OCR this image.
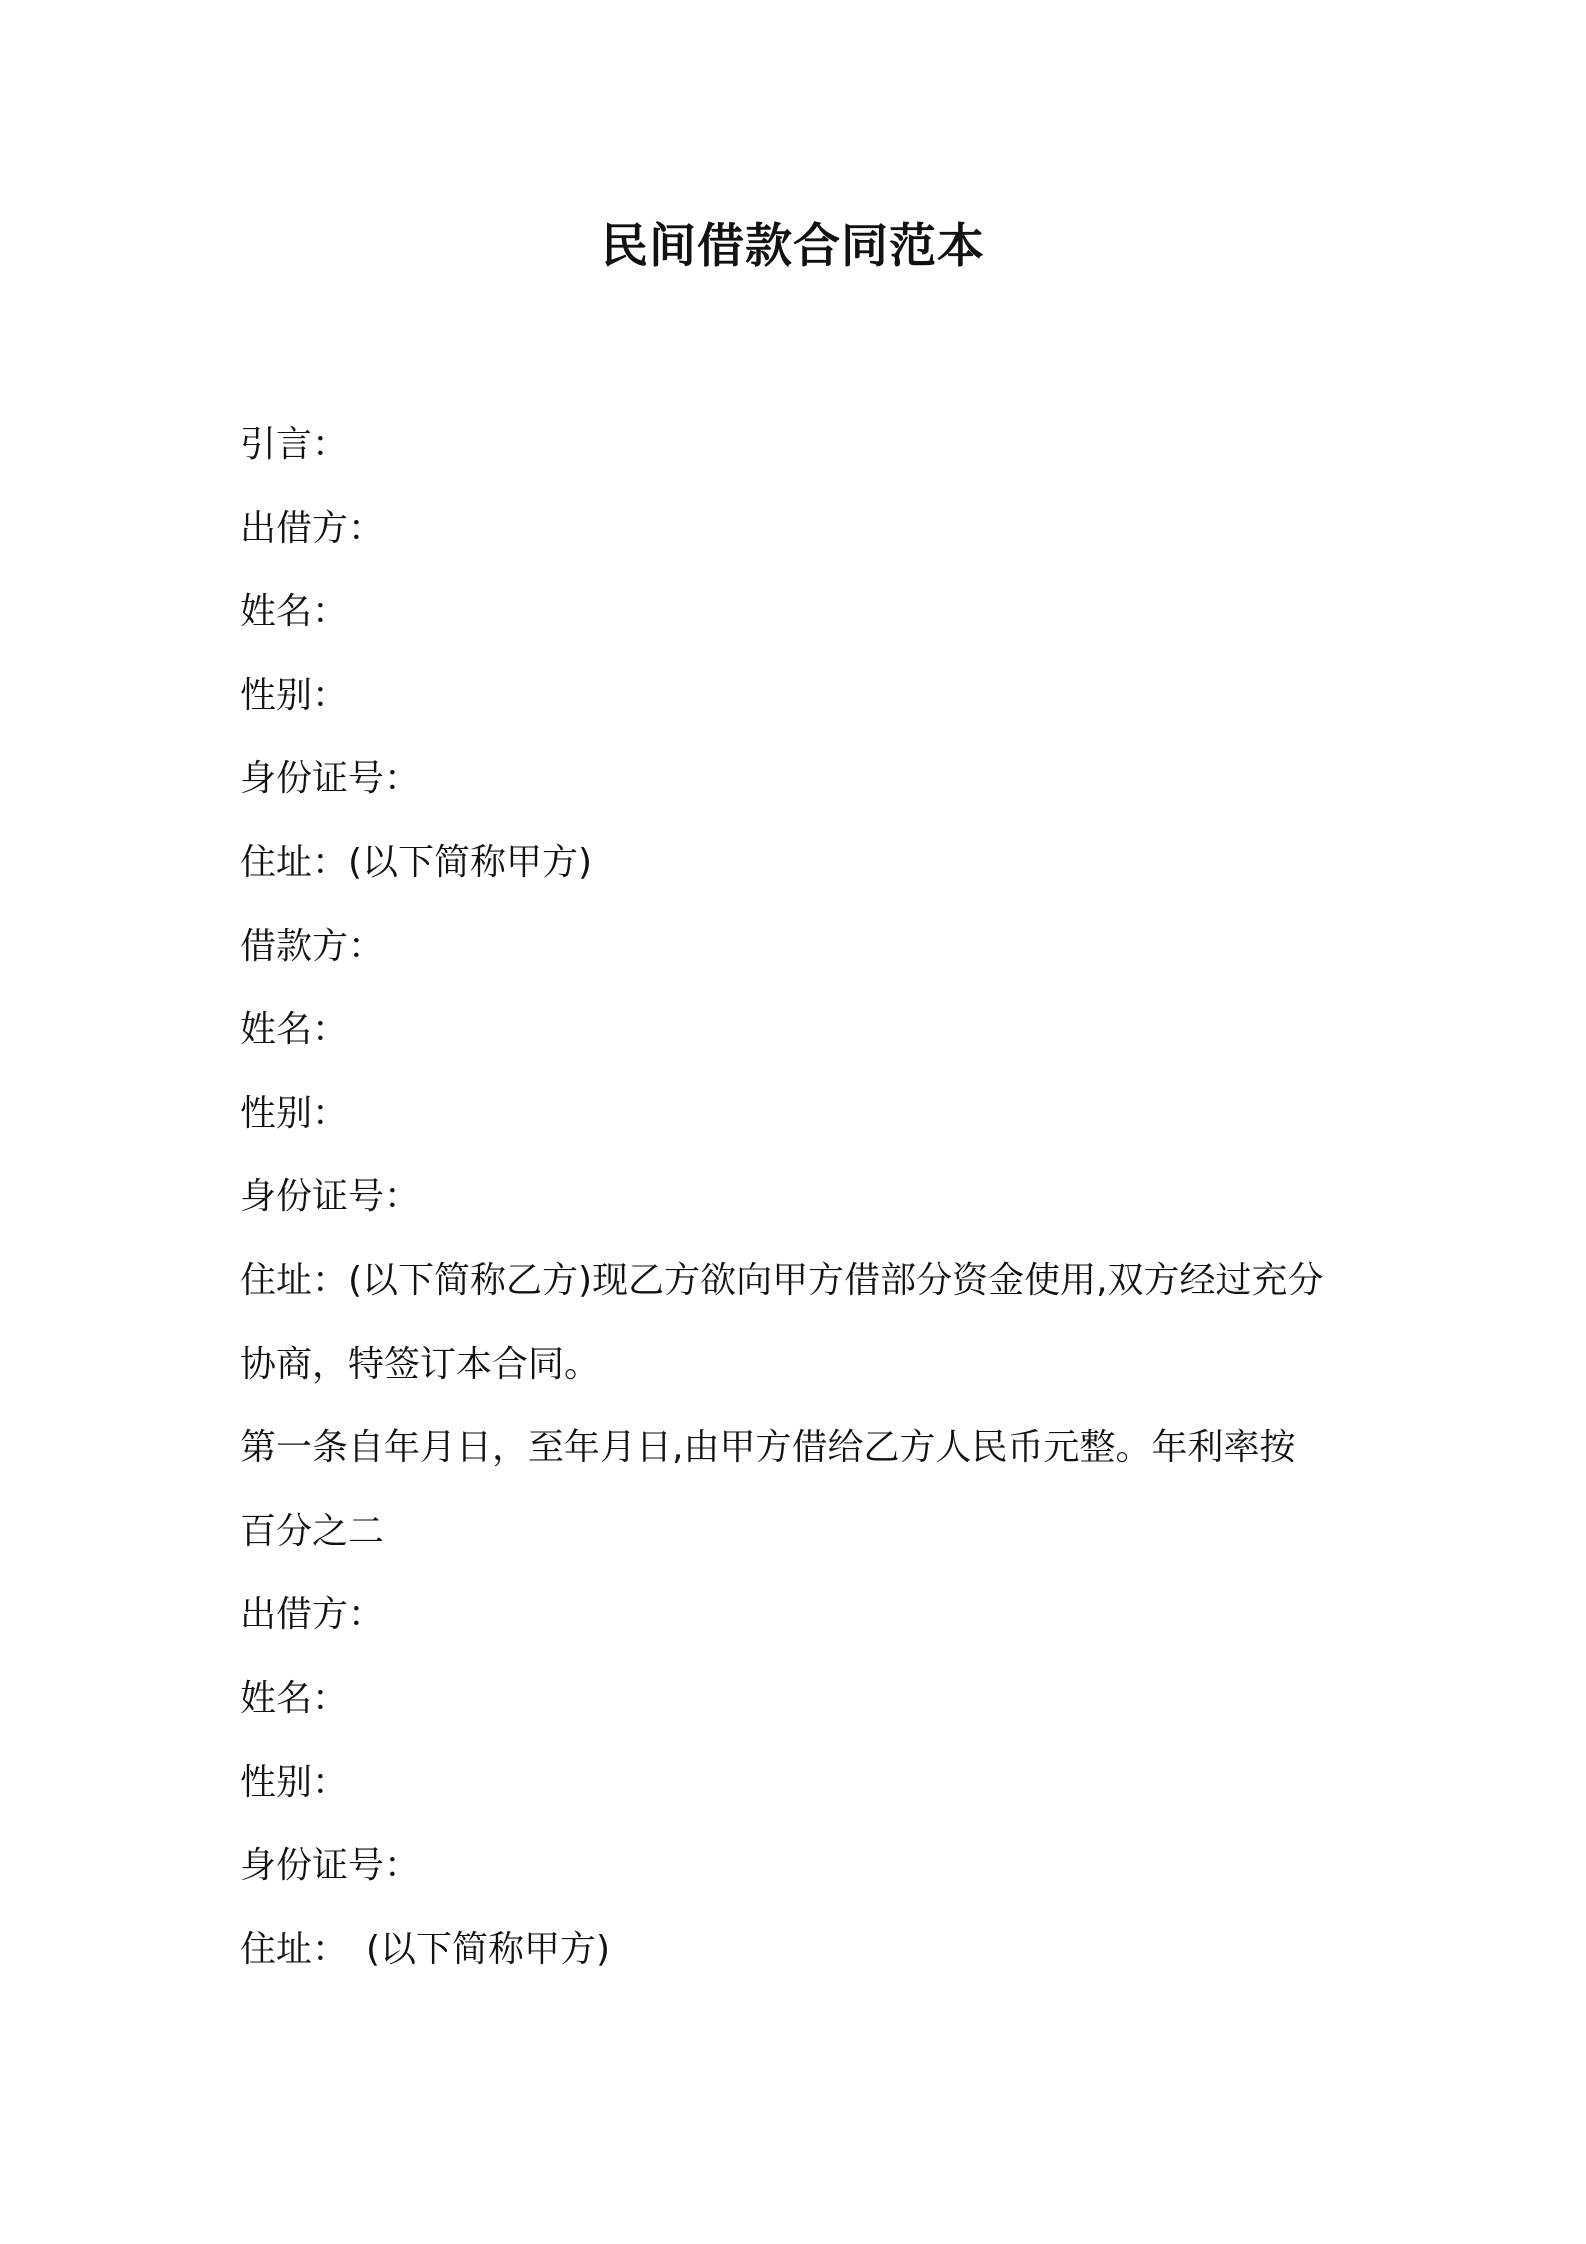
民间借款合同范本

引言：

出借方：

姓名：

性别：

身份证号：

住址：(以下简称甲方)

借款方：

姓名：

性别：

身份证号：

住址：(以下简称乙方)现乙方欲向甲方借部分资金使用,双方经过充分

协商，特签订本合同。

第一条自年月日，至年月日,由甲方借给乙方人民币元整。年利率按

百分之二

出借方：

姓名：

性别：

身份证号：

住址：　(以下简称甲方)
